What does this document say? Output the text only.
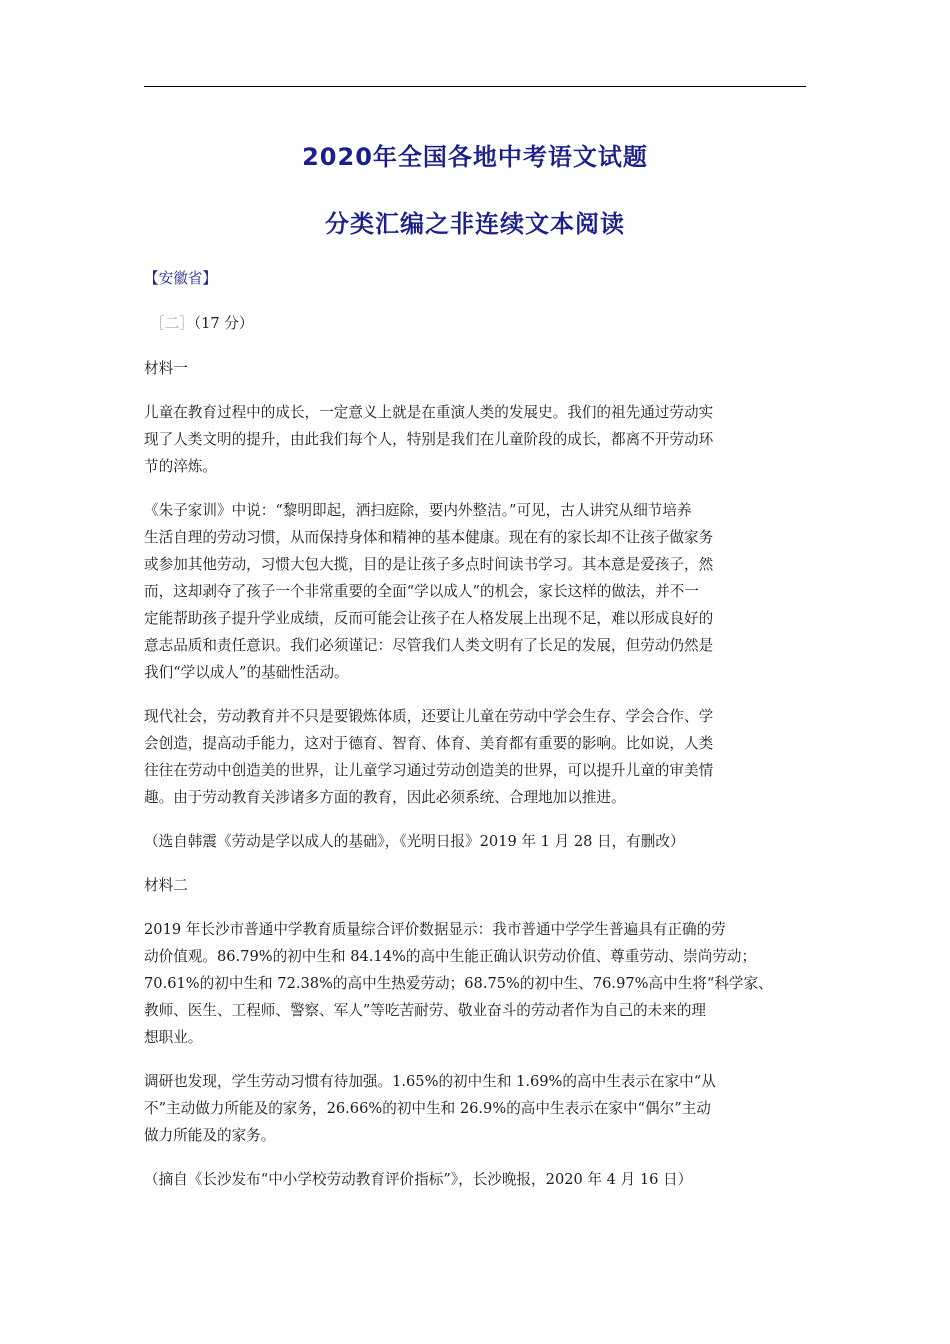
2020年全国各地中考语文试题
分类汇编之非连续文本阅读

【安徽省】

［二］（17 分）

材料一

儿童在教育过程中的成长，一定意义上就是在重演人类的发展史。我们的祖先通过劳动实

现了人类文明的提升，由此我们每个人，特别是我们在儿童阶段的成长，都离不开劳动环

节的淬炼。

《朱子家训》中说：“黎明即起，洒扫庭除，要内外整洁。”可见，古人讲究从细节培养

生活自理的劳动习惯，从而保持身体和精神的基本健康。现在有的家长却不让孩子做家务

或参加其他劳动，习惯大包大揽，目的是让孩子多点时间读书学习。其本意是爱孩子，然

而，这却剥夺了孩子一个非常重要的全面“学以成人”的机会，家长这样的做法，并不一

定能帮助孩子提升学业成绩，反而可能会让孩子在人格发展上出现不足，难以形成良好的

意志品质和责任意识。我们必须谨记：尽管我们人类文明有了长足的发展，但劳动仍然是

我们“学以成人”的基础性活动。

现代社会，劳动教育并不只是要锻炼体质，还要让儿童在劳动中学会生存、学会合作、学

会创造，提高动手能力，这对于德育、智育、体育、美育都有重要的影响。比如说，人类

往往在劳动中创造美的世界，让儿童学习通过劳动创造美的世界，可以提升儿童的审美情

趣。由于劳动教育关涉诸多方面的教育，因此必须系统、合理地加以推进。

（选自韩震《劳动是学以成人的基础》，《光明日报》2019 年 1 月 28 日，有删改）

材料二

2019 年长沙市普通中学教育质量综合评价数据显示：我市普通中学学生普遍具有正确的劳

动价值观。86.79%的初中生和 84.14%的高中生能正确认识劳动价值、尊重劳动、崇尚劳动；

70.61%的初中生和 72.38%的高中生热爱劳动；68.75%的初中生、76.97%高中生将“科学家、

教师、医生、工程师、警察、军人”等吃苦耐劳、敬业奋斗的劳动者作为自己的未来的理

想职业。

调研也发现，学生劳动习惯有待加强。1.65%的初中生和 1.69%的高中生表示在家中“从

不”主动做力所能及的家务，26.66%的初中生和 26.9%的高中生表示在家中“偶尔”主动

做力所能及的家务。

（摘自《长沙发布“中小学校劳动教育评价指标”》，长沙晚报，2020 年 4 月 16 日）
